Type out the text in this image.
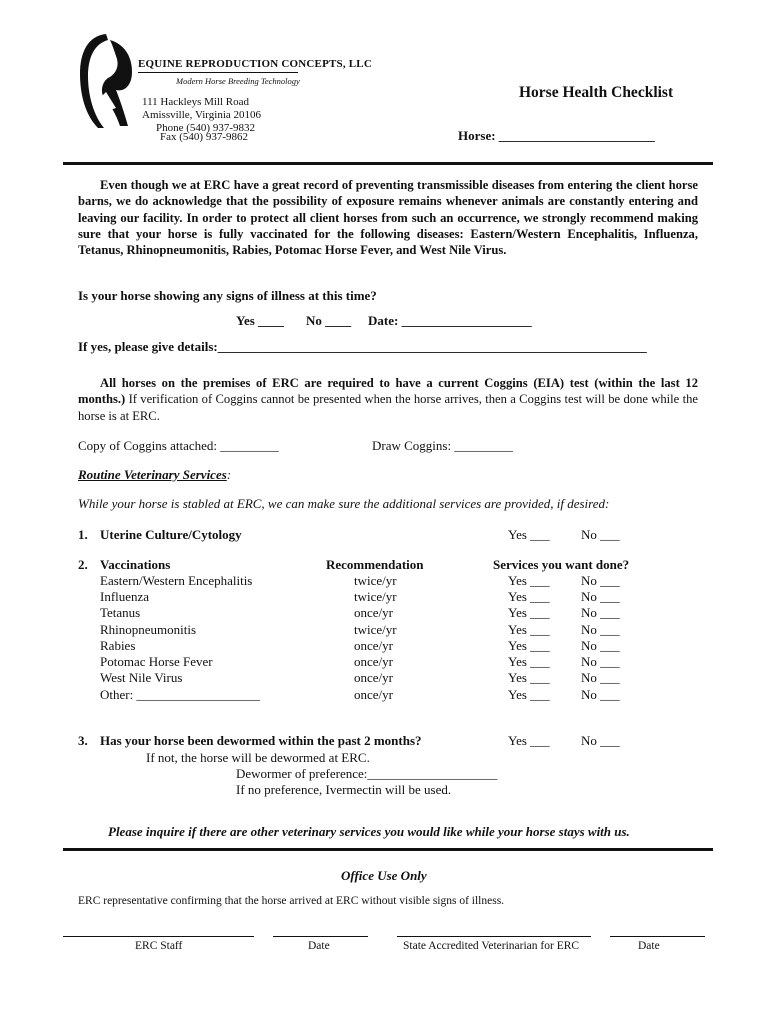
EQUINE REPRODUCTION CONCEPTS, LLC
Modern Horse Breeding Technology
111 Hackleys Mill Road
Amissville, Virginia 20106
Phone (540) 937-9832
Fax (540) 937-9862
Horse Health Checklist
Horse: ________________________
Even though we at ERC have a great record of preventing transmissible diseases from entering the client horse barns, we do acknowledge that the possibility of exposure remains whenever animals are constantly entering and leaving our facility. In order to protect all client horses from such an occurrence, we strongly recommend making sure that your horse is fully vaccinated for the following diseases: Eastern/Western Encephalitis, Influenza, Tetanus, Rhinopneumonitis, Rabies, Potomac Horse Fever, and West Nile Virus.
Is your horse showing any signs of illness at this time?
Yes ____ No ____ Date: ____________________
If yes, please give details:__________________________________________________________________
All horses on the premises of ERC are required to have a current Coggins (EIA) test (within the last 12 months.) If verification of Coggins cannot be presented when the horse arrives, then a Coggins test will be done while the horse is at ERC.
Copy of Coggins attached: _________	Draw Coggins: _________
Routine Veterinary Services:
While your horse is stabled at ERC, we can make sure the additional services are provided, if desired:
1. Uterine Culture/Cytology	Yes ___ No ___
2. Vaccinations	Recommendation	Services you want done?
Eastern/Western Encephalitis	twice/yr	Yes ___ No ___
Influenza	twice/yr	Yes ___ No ___
Tetanus	once/yr	Yes ___ No ___
Rhinopneumonitis	twice/yr	Yes ___ No ___
Rabies	once/yr	Yes ___ No ___
Potomac Horse Fever	once/yr	Yes ___ No ___
West Nile Virus	once/yr	Yes ___ No ___
Other: ___________________	once/yr	Yes ___ No ___
3. Has your horse been dewormed within the past 2 months?	Yes ___ No ___
If not, the horse will be dewormed at ERC.
Dewormer of preference:____________________
If no preference, Ivermectin will be used.
Please inquire if there are other veterinary services you would like while your horse stays with us.
Office Use Only
ERC representative confirming that the horse arrived at ERC without visible signs of illness.
ERC Staff	Date	State Accredited Veterinarian for ERC	Date
